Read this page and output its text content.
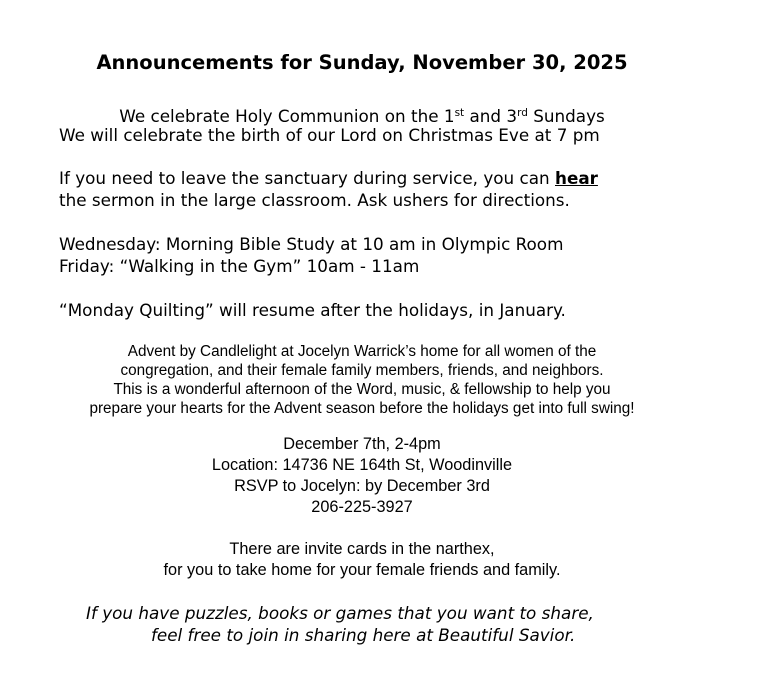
Announcements for Sunday, November 30, 2025
We celebrate Holy Communion on the 1st and 3rd Sundays
We will celebrate the birth of our Lord on Christmas Eve at 7 pm
If you need to leave the sanctuary during service, you can hear
the sermon in the large classroom. Ask ushers for directions.
Wednesday: Morning Bible Study at 10 am in Olympic Room
Friday: “Walking in the Gym” 10am - 11am
“Monday Quilting” will resume after the holidays, in January.
Advent by Candlelight at Jocelyn Warrick’s home for all women of the
congregation, and their female family members, friends, and neighbors.
This is a wonderful afternoon of the Word, music, & fellowship to help you
prepare your hearts for the Advent season before the holidays get into full swing!
December 7th, 2-4pm
Location: 14736 NE 164th St, Woodinville
RSVP to Jocelyn: by December 3rd
206-225-3927
There are invite cards in the narthex,
for you to take home for your female friends and family.
If you have puzzles, books or games that you want to share,
feel free to join in sharing here at Beautiful Savior.
